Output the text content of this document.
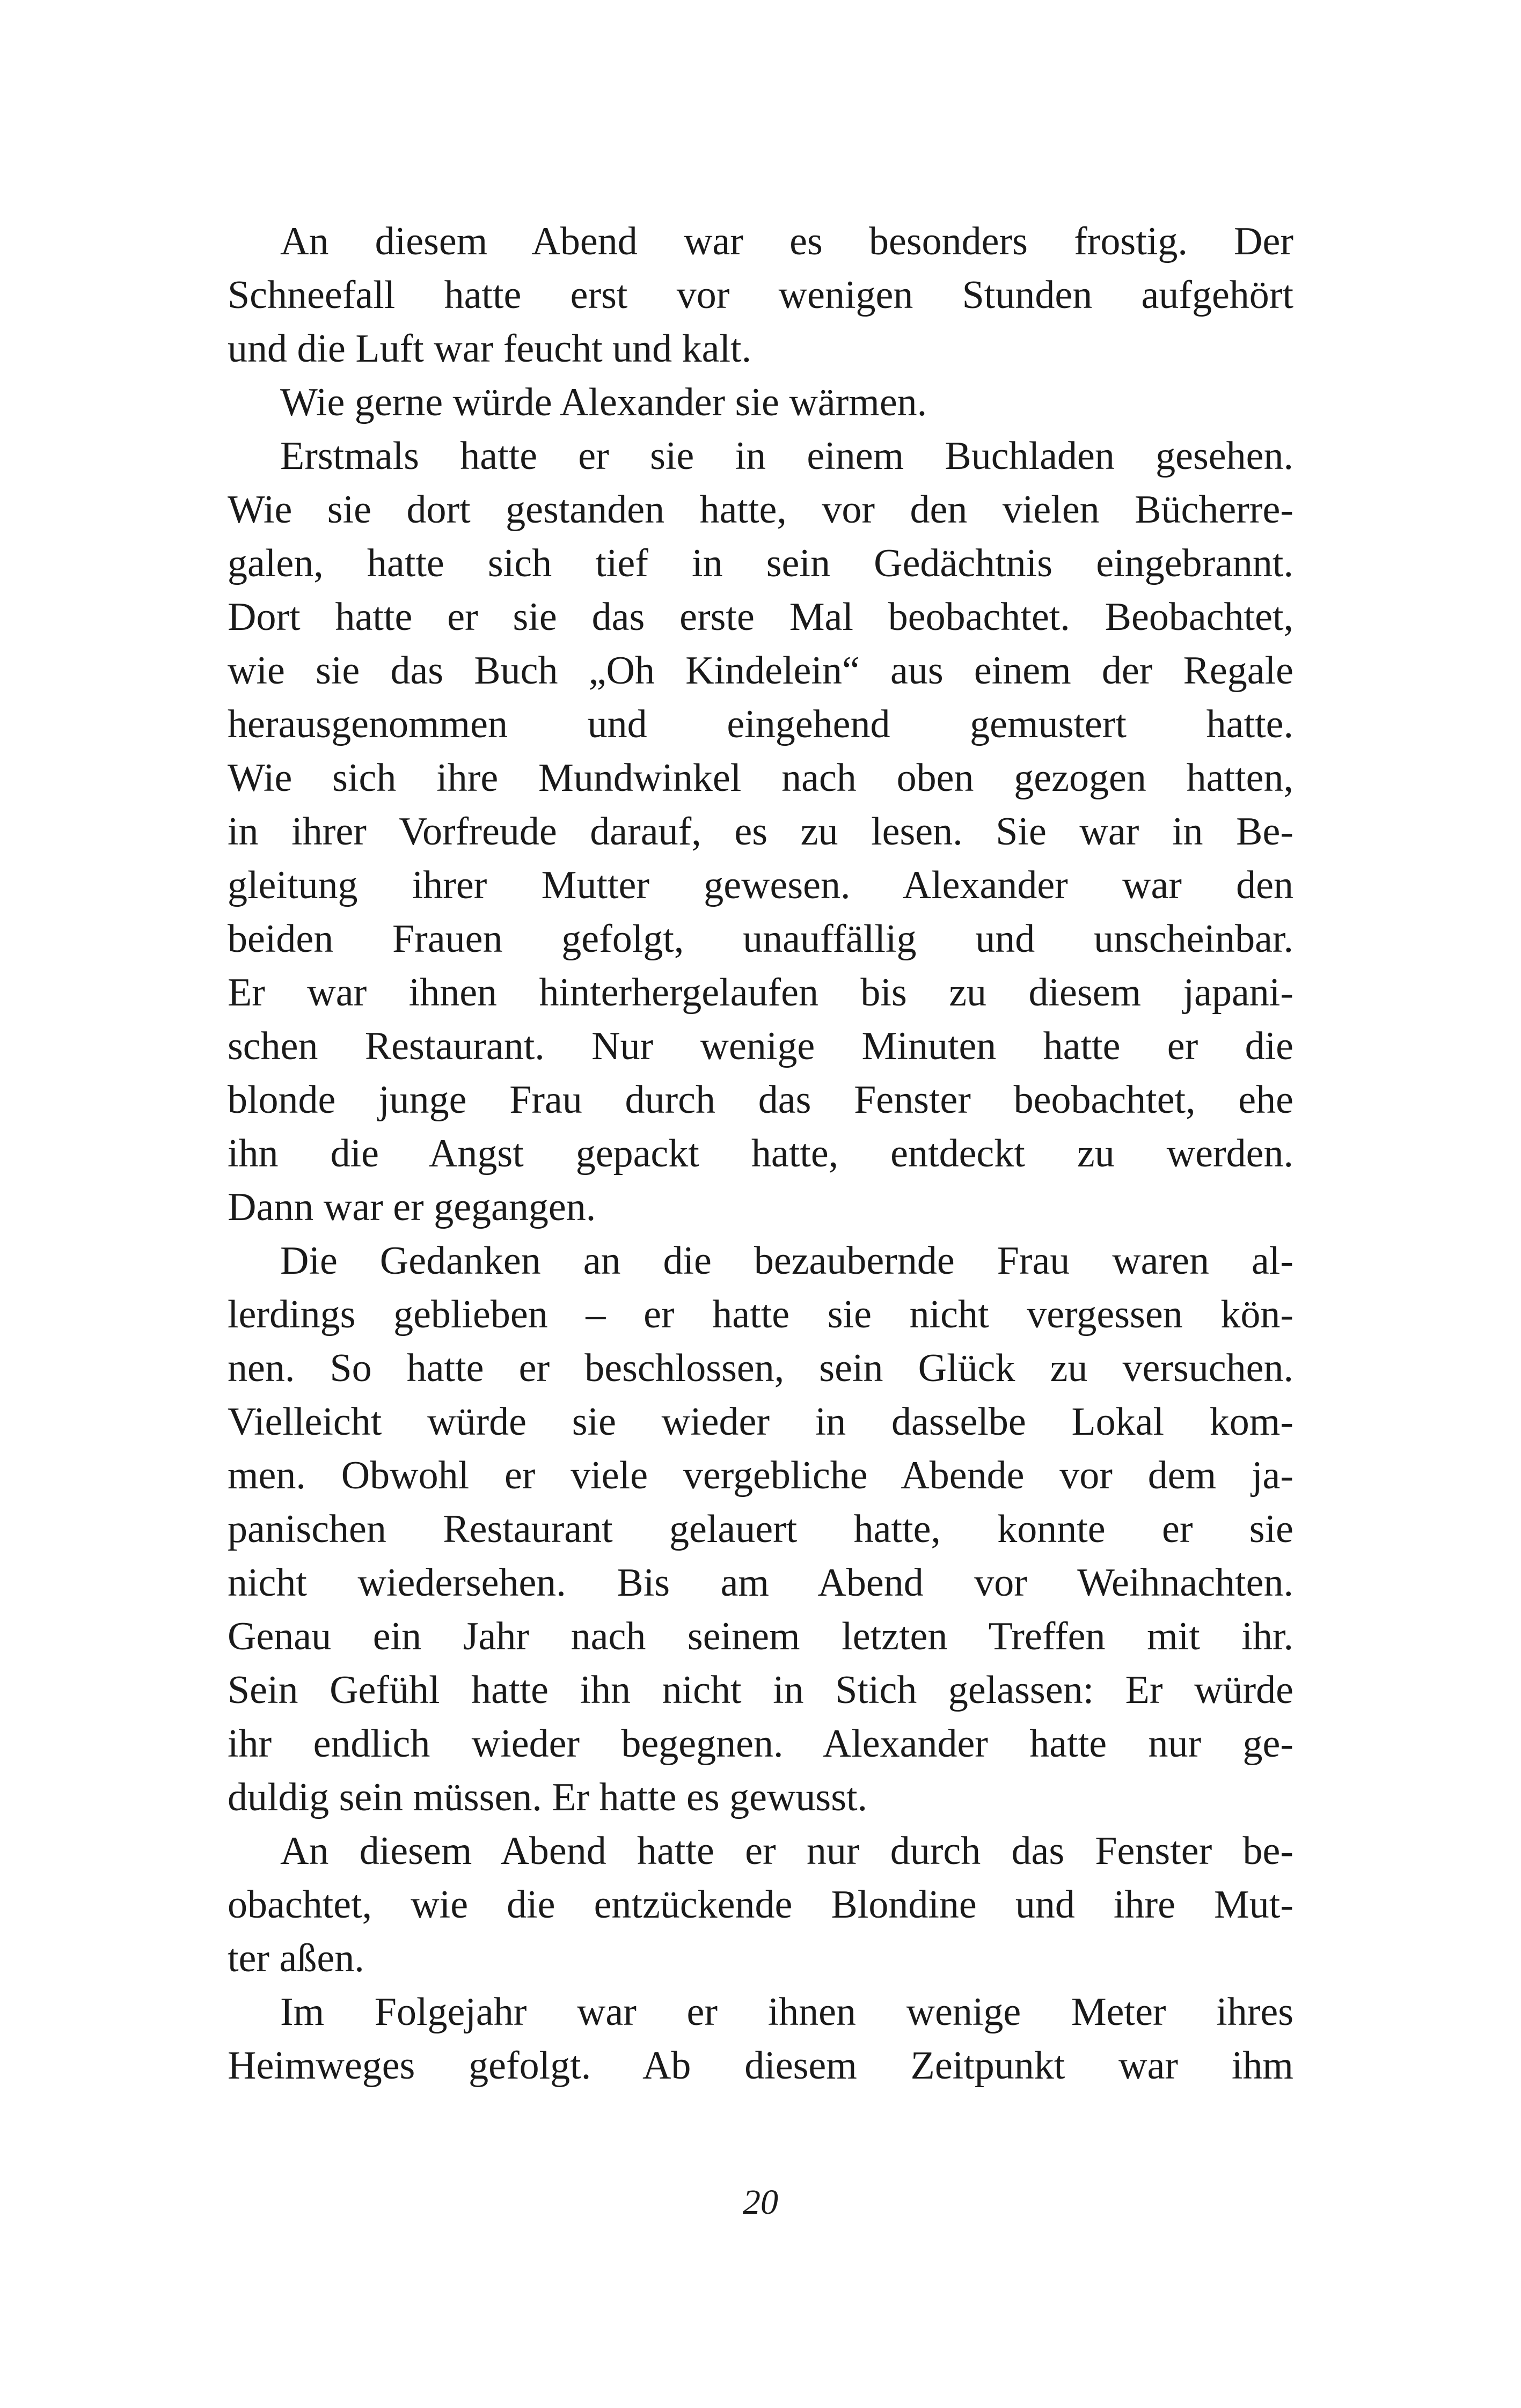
An diesem Abend war es besonders frostig. Der
Schneefall hatte erst vor wenigen Stunden aufgehört
und die Luft war feucht und kalt.
Wie gerne würde Alexander sie wärmen.
Erstmals hatte er sie in einem Buchladen gesehen.
Wie sie dort gestanden hatte, vor den vielen Bücherre-
galen, hatte sich tief in sein Gedächtnis eingebrannt.
Dort hatte er sie das erste Mal beobachtet. Beobachtet,
wie sie das Buch „Oh Kindelein“ aus einem der Regale
herausgenommen und eingehend gemustert hatte.
Wie sich ihre Mundwinkel nach oben gezogen hatten,
in ihrer Vorfreude darauf, es zu lesen. Sie war in Be-
gleitung ihrer Mutter gewesen. Alexander war den
beiden Frauen gefolgt, unauffällig und unscheinbar.
Er war ihnen hinterhergelaufen bis zu diesem japani-
schen Restaurant. Nur wenige Minuten hatte er die
blonde junge Frau durch das Fenster beobachtet, ehe
ihn die Angst gepackt hatte, entdeckt zu werden.
Dann war er gegangen.
Die Gedanken an die bezaubernde Frau waren al-
lerdings geblieben – er hatte sie nicht vergessen kön-
nen. So hatte er beschlossen, sein Glück zu versuchen.
Vielleicht würde sie wieder in dasselbe Lokal kom-
men. Obwohl er viele vergebliche Abende vor dem ja-
panischen Restaurant gelauert hatte, konnte er sie
nicht wiedersehen. Bis am Abend vor Weihnachten.
Genau ein Jahr nach seinem letzten Treffen mit ihr.
Sein Gefühl hatte ihn nicht in Stich gelassen: Er würde
ihr endlich wieder begegnen. Alexander hatte nur ge-
duldig sein müssen. Er hatte es gewusst.
An diesem Abend hatte er nur durch das Fenster be-
obachtet, wie die entzückende Blondine und ihre Mut-
ter aßen.
Im Folgejahr war er ihnen wenige Meter ihres
Heimweges gefolgt. Ab diesem Zeitpunkt war ihm
20
